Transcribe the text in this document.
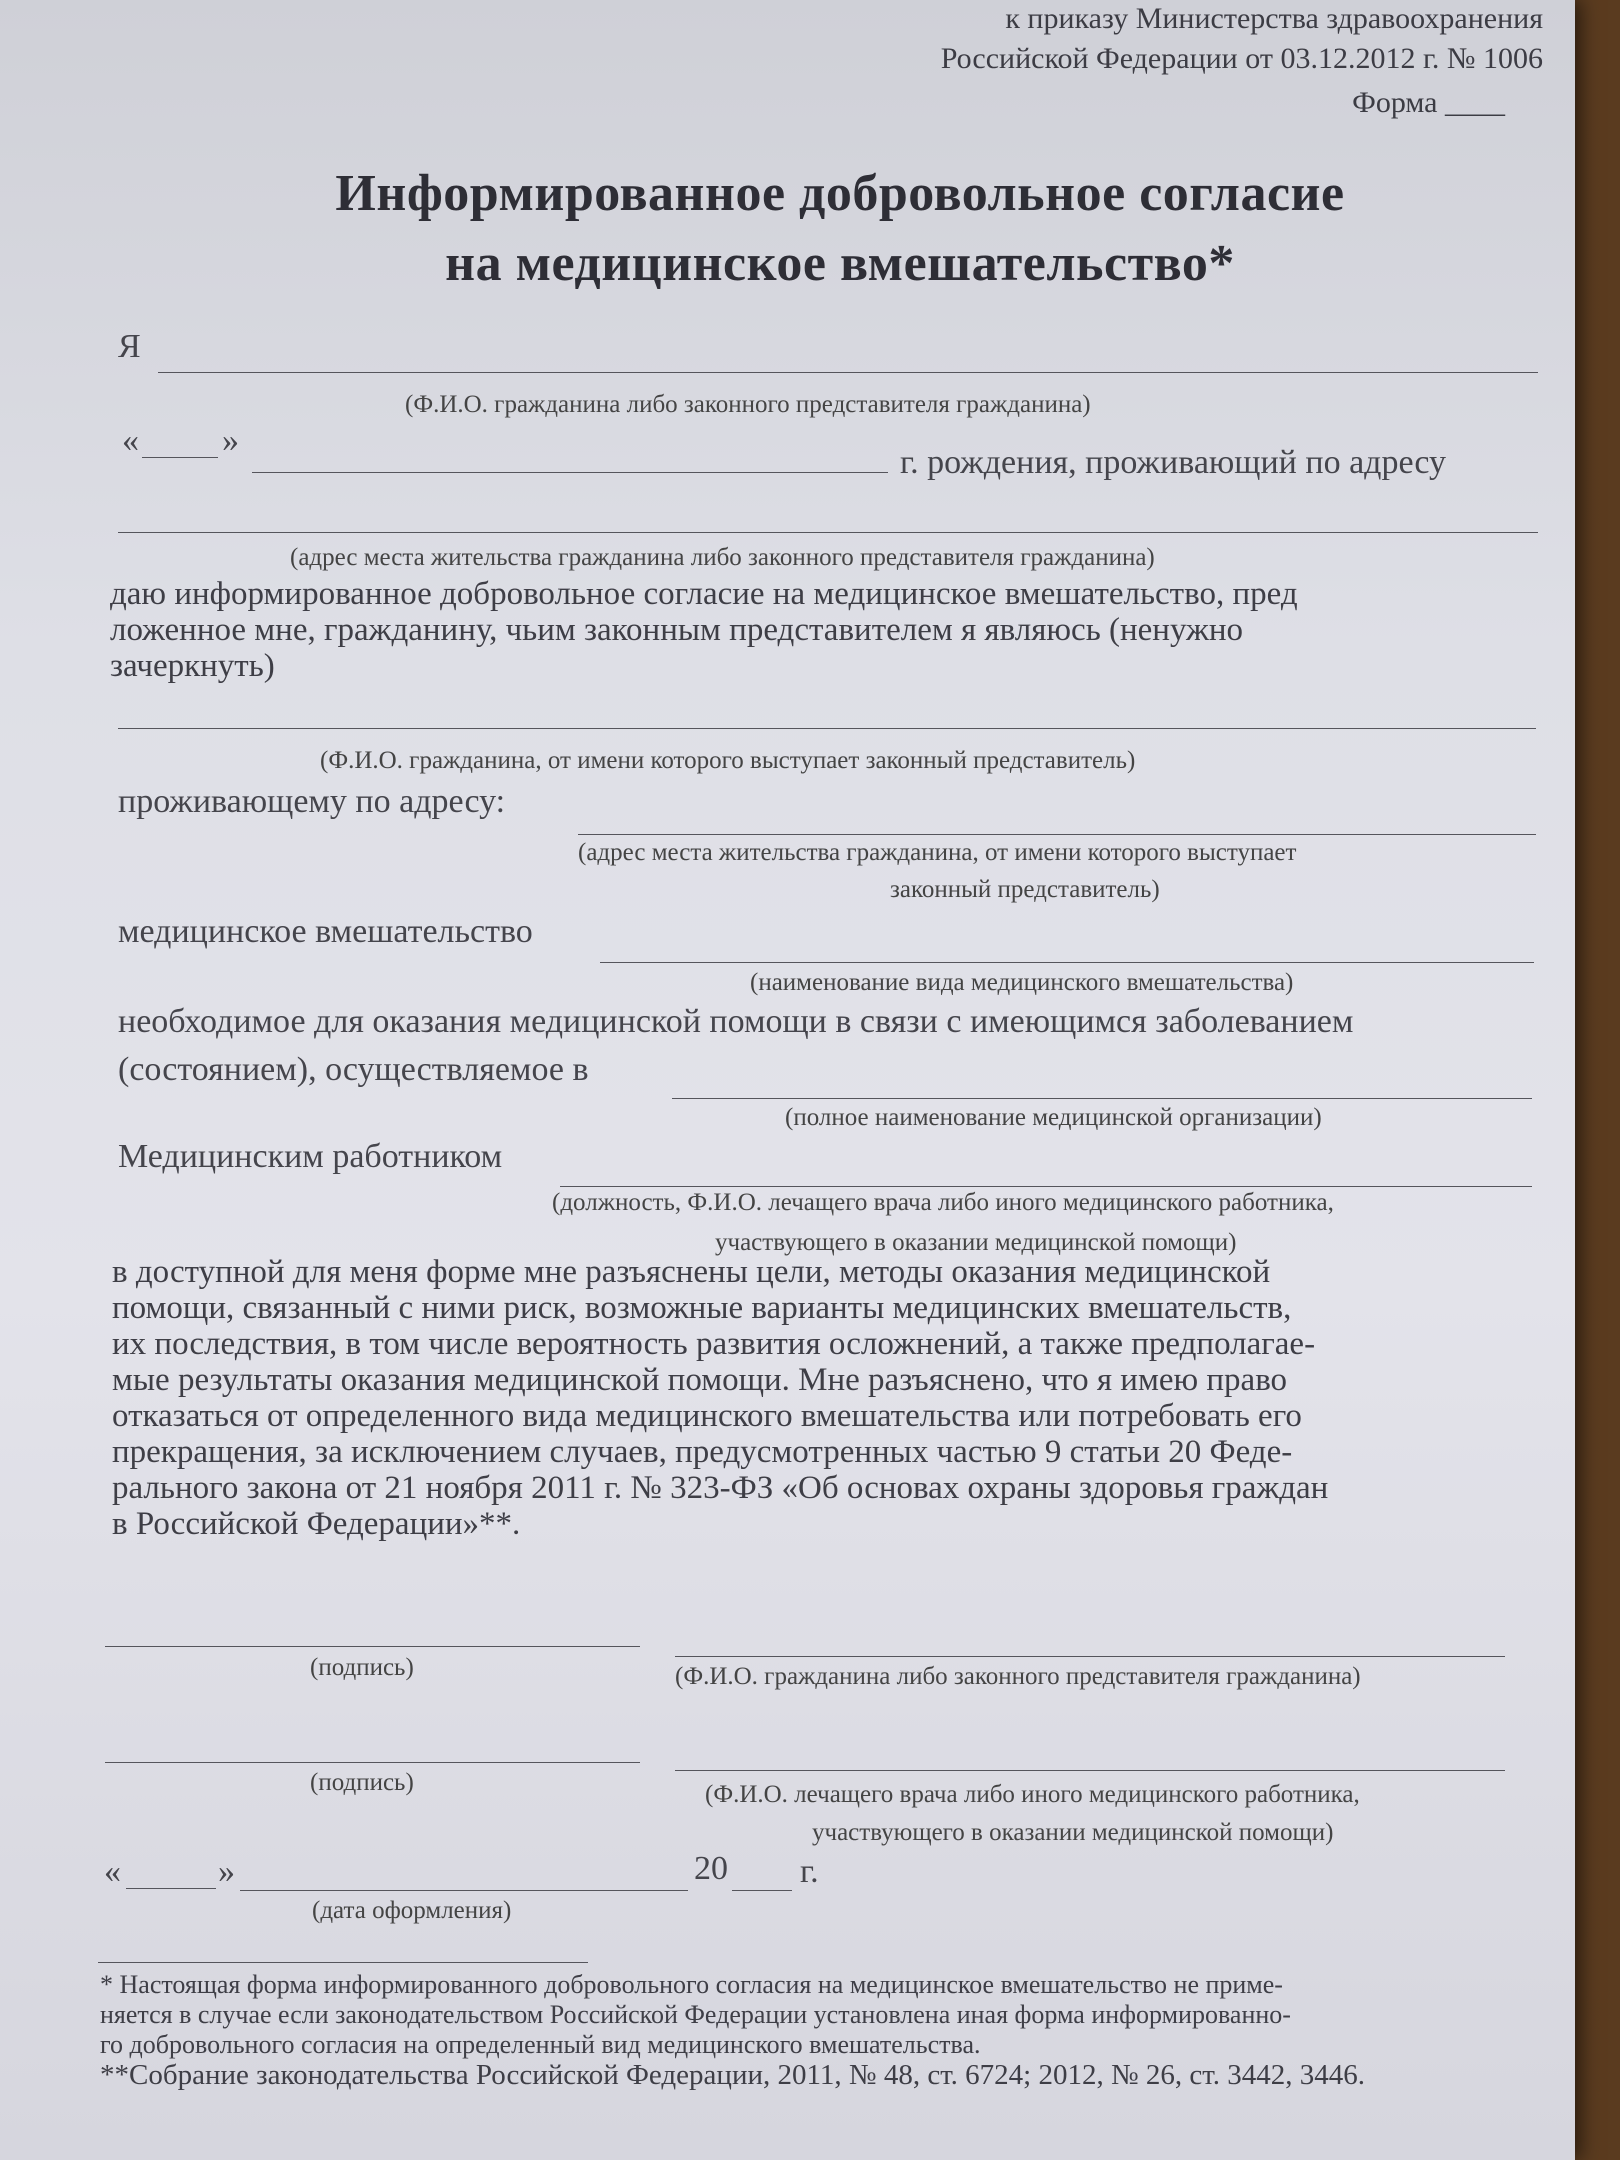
к приказу Министерства здравоохранения
Российской Федерации от 03.12.2012 г. № 1006
Форма ____
Информированное добровольное согласие
на медицинское вмешательство*
Я
(Ф.И.О. гражданина либо законного представителя гражданина)
« »
г. рождения, проживающий по адресу
(адрес места жительства гражданина либо законного представителя гражданина)
даю информированное добровольное согласие на медицинское вмешательство, пред
ложенное мне, гражданину, чьим законным представителем я являюсь (ненужно
зачеркнуть)
(Ф.И.О. гражданина, от имени которого выступает законный представитель)
проживающему по адресу:
(адрес места жительства гражданина, от имени которого выступает
законный представитель)
медицинское вмешательство
(наименование вида медицинского вмешательства)
необходимое для оказания медицинской помощи в связи с имеющимся заболеванием
(состоянием), осуществляемое в
(полное наименование медицинской организации)
Медицинским работником
(должность, Ф.И.О. лечащего врача либо иного медицинского работника,
участвующего в оказании медицинской помощи)
в доступной для меня форме мне разъяснены цели, методы оказания медицинской
помощи, связанный с ними риск, возможные варианты медицинских вмешательств,
их последствия, в том числе вероятность развития осложнений, а также предполагае-
мые результаты оказания медицинской помощи. Мне разъяснено, что я имею право
отказаться от определенного вида медицинского вмешательства или потребовать его
прекращения, за исключением случаев, предусмотренных частью 9 статьи 20 Феде-
рального закона от 21 ноября 2011 г. № 323-ФЗ «Об основах охраны здоровья граждан
в Российской Федерации»**.
(подпись)	(Ф.И.О. гражданина либо законного представителя гражданина)
(подпись)	(Ф.И.О. лечащего врача либо иного медицинского работника,
участвующего в оказании медицинской помощи)
«	»	20 г.
(дата оформления)
* Настоящая форма информированного добровольного согласия на медицинское вмешательство не приме-
няется в случае если законодательством Российской Федерации установлена иная форма информированно-
го добровольного согласия на определенный вид медицинского вмешательства.
**Собрание законодательства Российской Федерации, 2011, № 48, ст. 6724; 2012, № 26, ст. 3442, 3446.
